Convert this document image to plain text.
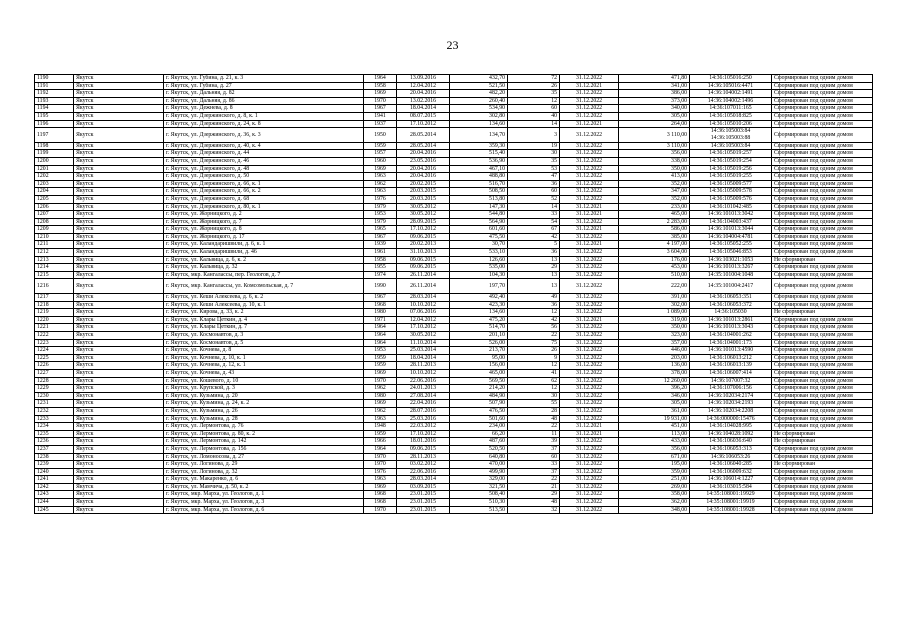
23
1190	Якутск	г. Якутск, ул. Губина, д. 21, к. 3	1964	13.09.2016	432,70	72	31.12.2022	471,80	14:36:105016:250	Сформирован под одним домом
1191	Якутск	г. Якутск, ул. Губина, д. 27	1958	12.04.2012	521,50	26	31.12.2021	341,00	14:36:105016:4471	Сформирован под одним домом
1192	Якутск	г. Якутск, ул. Дальняя, д. 82	1969	20.04.2016	482,20	35	31.12.2022	386,00	14:36:104002:1491	Сформирован под одним домом
1193	Якутск	г. Якутск, ул. Дальняя, д. 86	1970	13.02.2016	260,40	12	31.12.2022	373,00	14:36:104002:1496	Сформирован под одним домом
1194	Якутск	г. Якутск, ул. Дежнева, д. 8	1967	18.04.2014	534,90	60	31.12.2022	340,00	14:36:107011:165	Сформирован под одним домом
1195	Якутск	г. Якутск, ул. Дзержинского, д. 8, к. 1	1941	08.07.2015	302,80	40	31.12.2022	305,00	14:36:105018:825	Сформирован под одним домом
1196	Якутск	г. Якутск, ул. Дзержинского, д. 24, к. 8	1937	17.10.2012	134,60	14	31.12.2021	264,00	14:36:105010:206	Сформирован под одним домом
1197	Якутск	г. Якутск, ул. Дзержинского, д. 36, к. 3	1950	28.05.2014	134,70	3	31.12.2022	3 110,00	14:36:105003:84 14:36:105003:88	Сформирован под одним домом
1198	Якутск	г. Якутск, ул. Дзержинского, д. 40, к. 4	1959	28.05.2014	359,30	19	31.12.2022	3 110,00	14:36:105003:84	Сформирован под одним домом
1199	Якутск	г. Якутск, ул. Дзержинского, д. 44	1957	20.04.2016	515,40	30	31.12.2022	356,00	14:36:105019:257	Сформирован под одним домом
1200	Якутск	г. Якутск, ул. Дзержинского, д. 46	1960	23.05.2016	536,90	35	31.12.2022	338,00	14:36:105019:254	Сформирован под одним домом
1201	Якутск	г. Якутск, ул. Дзержинского, д. 48	1969	20.04.2016	467,10	53	31.12.2022	350,00	14:36:105019:256	Сформирован под одним домом
1202	Якутск	г. Якутск, ул. Дзержинского, д. 50	1963	20.04.2016	488,80	47	31.12.2022	413,00	14:36:105019:255	Сформирован под одним домом
1203	Якутск	г. Якутск, ул. Дзержинского, д. 66, к. 1	1962	20.02.2015	516,70	36	31.12.2022	352,00	14:36:105009:577	Сформирован под одним домом
1204	Якутск	г. Якутск, ул. Дзержинского, д. 66, к. 2	1963	20.03.2015	508,50	60	31.12.2022	347,00	14:36:105009:578	Сформирован под одним домом
1205	Якутск	г. Якутск, ул. Дзержинского, д. 68	1976	20.03.2015	513,80	52	31.12.2022	352,00	14:36:105009:576	Сформирован под одним домом
1206	Якутск	г. Якутск, ул. Дзержинского, д. 80, к. 1	1979	30.05.2012	147,30	14	31.12.2021	233,00	14:36:101042:485	Сформирован под одним домом
1207	Якутск	г. Якутск, ул. Жорницкого, д. 2	1953	30.05.2012	544,80	33	31.12.2021	465,00	14:36:101013:3042	Сформирован под одним домом
1208	Якутск	г. Якутск, ул. Жорницкого, д. 7	1979	28.09.2015	564,90	54	31.12.2022	2 283,00	14:36:104003:437	Сформирован под одним домом
1209	Якутск	г. Якутск, ул. Жорницкого, д. 8	1965	17.10.2012	601,60	67	31.12.2021	586,00	14:36:101013:3044	Сформирован под одним домом
1210	Якутск	г. Якутск, ул. Жорницкого, д. 17	1967	09.06.2015	475,50	42	31.12.2022	385,00	14:36:104004:4781	Сформирован под одним домом
1211	Якутск	г. Якутск, ул. Каландаришвили, д. 6, к. 1	1939	20.02.2013	30,70	5	31.12.2021	4 197,00	14:36:105052:255	Сформирован под одним домом
1212	Якутск	г. Якутск, ул. Каландаришвили, д. 46	1961	31.10.2013	533,10	36	31.12.2022	3 604,00	14:36:105046:853	Сформирован под одним домом
1213	Якутск	г. Якутск, ул. Кальвица, д. 6, к. 2	1958	09.06.2015	126,60	13	31.12.2022	176,00	14:36:103021:1053	Не сформирован
1214	Якутск	г. Якутск, ул. Кальвица, д. 32	1955	09.06.2015	535,00	29	31.12.2022	453,00	14:36:101013:3267	Сформирован под одним домом
1215	Якутск	г. Якутск, мкр. Кангалассы, пер. Геологов, д. 7	1974	26.11.2014	104,30	13	31.12.2022	510,00	14:35:101004:1048	Сформирован под одним домом
1216	Якутск	г. Якутск, мкр. Кангалассы, ул. Комсомольская, д. 7	1990	26.11.2014	197,70	13	31.12.2022	222,00	14:35:101004:2417	Сформирован под одним домом
1217	Якутск	г. Якутск, ул. Кеши Алексеева, д. 6, к. 2	1967	28.03.2014	492,40	49	31.12.2022	391,00	14:36:106053:351	Сформирован под одним домом
1218	Якутск	г. Якутск, ул. Кеши Алексеева, д. 10, к. 1	1968	10.10.2012	423,30	36	31.12.2022	302,00	14:36:106053:372	Сформирован под одним домом
1219	Якутск	г. Якутск, ул. Кирова, д. 33, к. 2	1980	07.06.2016	134,60	12	31.12.2022	1 089,00	14:36:105030	Не сформирован
1220	Якутск	г. Якутск, ул. Клары Цеткин, д. 4	1971	12.04.2012	475,20	42	31.12.2021	319,00	14:36:101013:2861	Сформирован под одним домом
1221	Якутск	г. Якутск, ул. Клары Цеткин, д. 7	1964	17.10.2012	514,70	56	31.12.2022	350,00	14:36:101013:3043	Сформирован под одним домом
1222	Якутск	г. Якутск, ул. Космонавтов, д. 3	1964	30.05.2012	201,10	22	31.12.2022	323,00	14:36:104001:262	Сформирован под одним домом
1223	Якутск	г. Якутск, ул. Космонавтов, д. 5	1964	11.10.2014	526,00	75	31.12.2022	357,00	14:36:104001:173	Сформирован под одним домом
1224	Якутск	г. Якутск, ул. Кочнева, д. 8	1953	25.03.2014	213,70	26	31.12.2022	446,00	14:36:101013:4590	Сформирован под одним домом
1225	Якутск	г. Якутск, ул. Кочнева, д. 10, к. 1	1959	18.04.2014	95,00	9	31.12.2022	203,00	14:36:106013:212	Сформирован под одним домом
1226	Якутск	г. Якутск, ул. Кочнева, д. 12, к. 1	1959	28.11.2013	156,00	12	31.12.2022	136,00	14:36:106013:139	Сформирован под одним домом
1227	Якутск	г. Якутск, ул. Кочнева, д. 43	1969	10.10.2012	465,00	41	31.12.2022	378,00	14:36:106007:414	Сформирован под одним домом
1228	Якутск	г. Якутск, ул. Кошевого, д. 10	1970	22.06.2016	569,50	62	31.12.2022	12 260,00	14:36:107007:32	Сформирован под одним домом
1229	Якутск	г. Якутск, ул. Крупской, д. 3	1962	24.01.2013	214,20	12	31.12.2022	396,20	14:36:107006:156	Сформирован под одним домом
1230	Якутск	г. Якутск, ул. Кузьмина, д. 20	1980	27.08.2014	484,90	30	31.12.2022	346,00	14:36:102034:2174	Сформирован под одним домом
1231	Якутск	г. Якутск, ул. Кузьмина, д. 24, к. 2	1969	22.04.2016	507,90	55	31.12.2022	305,00	14:36:102034:2193	Сформирован под одним домом
1232	Якутск	г. Якутск, ул. Кузьмина, д. 26	1962	28.07.2016	476,50	28	31.12.2022	361,00	14:36:102034:2208	Сформирован под одним домом
1233	Якутск	г. Якутск, ул. Кузьмина, д. 28	1963	25.03.2016	501,60	48	31.12.2022	19 931,00	14:36:000000:15476	Сформирован под одним домом
1234	Якутск	г. Якутск, ул. Лермонтова, д. 76	1948	22.03.2012	234,00	22	31.12.2021	451,00	14:36:104028:995	Сформирован под одним домом
1235	Якутск	г. Якутск, ул. Лермонтова, д. 80, к. 2	1959	17.10.2012	66,20	11	31.12.2021	113,00	14:36:104028:1092	Не сформирован
1236	Якутск	г. Якутск, ул. Лермонтова, д. 142	1966	18.01.2016	487,60	39	31.12.2022	433,00	14:36:106036:640	Не сформирован
1237	Якутск	г. Якутск, ул. Лермонтова, д. 156	1964	09.06.2015	520,50	37	31.12.2022	356,00	14:36:106053:313	Сформирован под одним домом
1238	Якутск	г. Якутск, ул. Ломоносова, д. 27	1970	28.11.2013	640,80	60	31.12.2022	671,00	14:36:106053:26	Сформирован под одним домом
1239	Якутск	г. Якутск, ул. Логинова, д. 29	1970	03.02.2012	470,00	33	31.12.2022	195,00	14:36:106040:285	Не сформирован
1240	Якутск	г. Якутск, ул. Логинова, д. 32	1976	22.06.2016	499,90	37	31.12.2022	359,00	14:36:106009:632	Сформирован под одним домом
1241	Якутск	г. Якутск, ул. Макаренко, д. 6	1963	28.03.2014	329,00	22	31.12.2022	251,00	14:36:106014:1227	Сформирован под одним домом
1242	Якутск	г. Якутск, ул. Мамчича, д. 50, к. 2	1969	03.09.2015	321,50	21	31.12.2022	269,00	14:36:103015:584	Сформирован под одним домом
1243	Якутск	г. Якутск, мкр. Марха, ул. Геологов, д. 1	1968	23.01.2015	508,40	29	31.12.2022	358,00	14:35:108001:19929	Сформирован под одним домом
1244	Якутск	г. Якутск, мкр. Марха, ул. Геологов, д. 3	1968	23.01.2015	510,30	48	31.12.2022	362,00	14:35:108001:19919	Сформирован под одним домом
1245	Якутск	г. Якутск, мкр. Марха, ул. Геологов, д. 6	1970	23.01.2015	513,50	32	31.12.2022	348,00	14:35:108001:19928	Сформирован под одним домом
